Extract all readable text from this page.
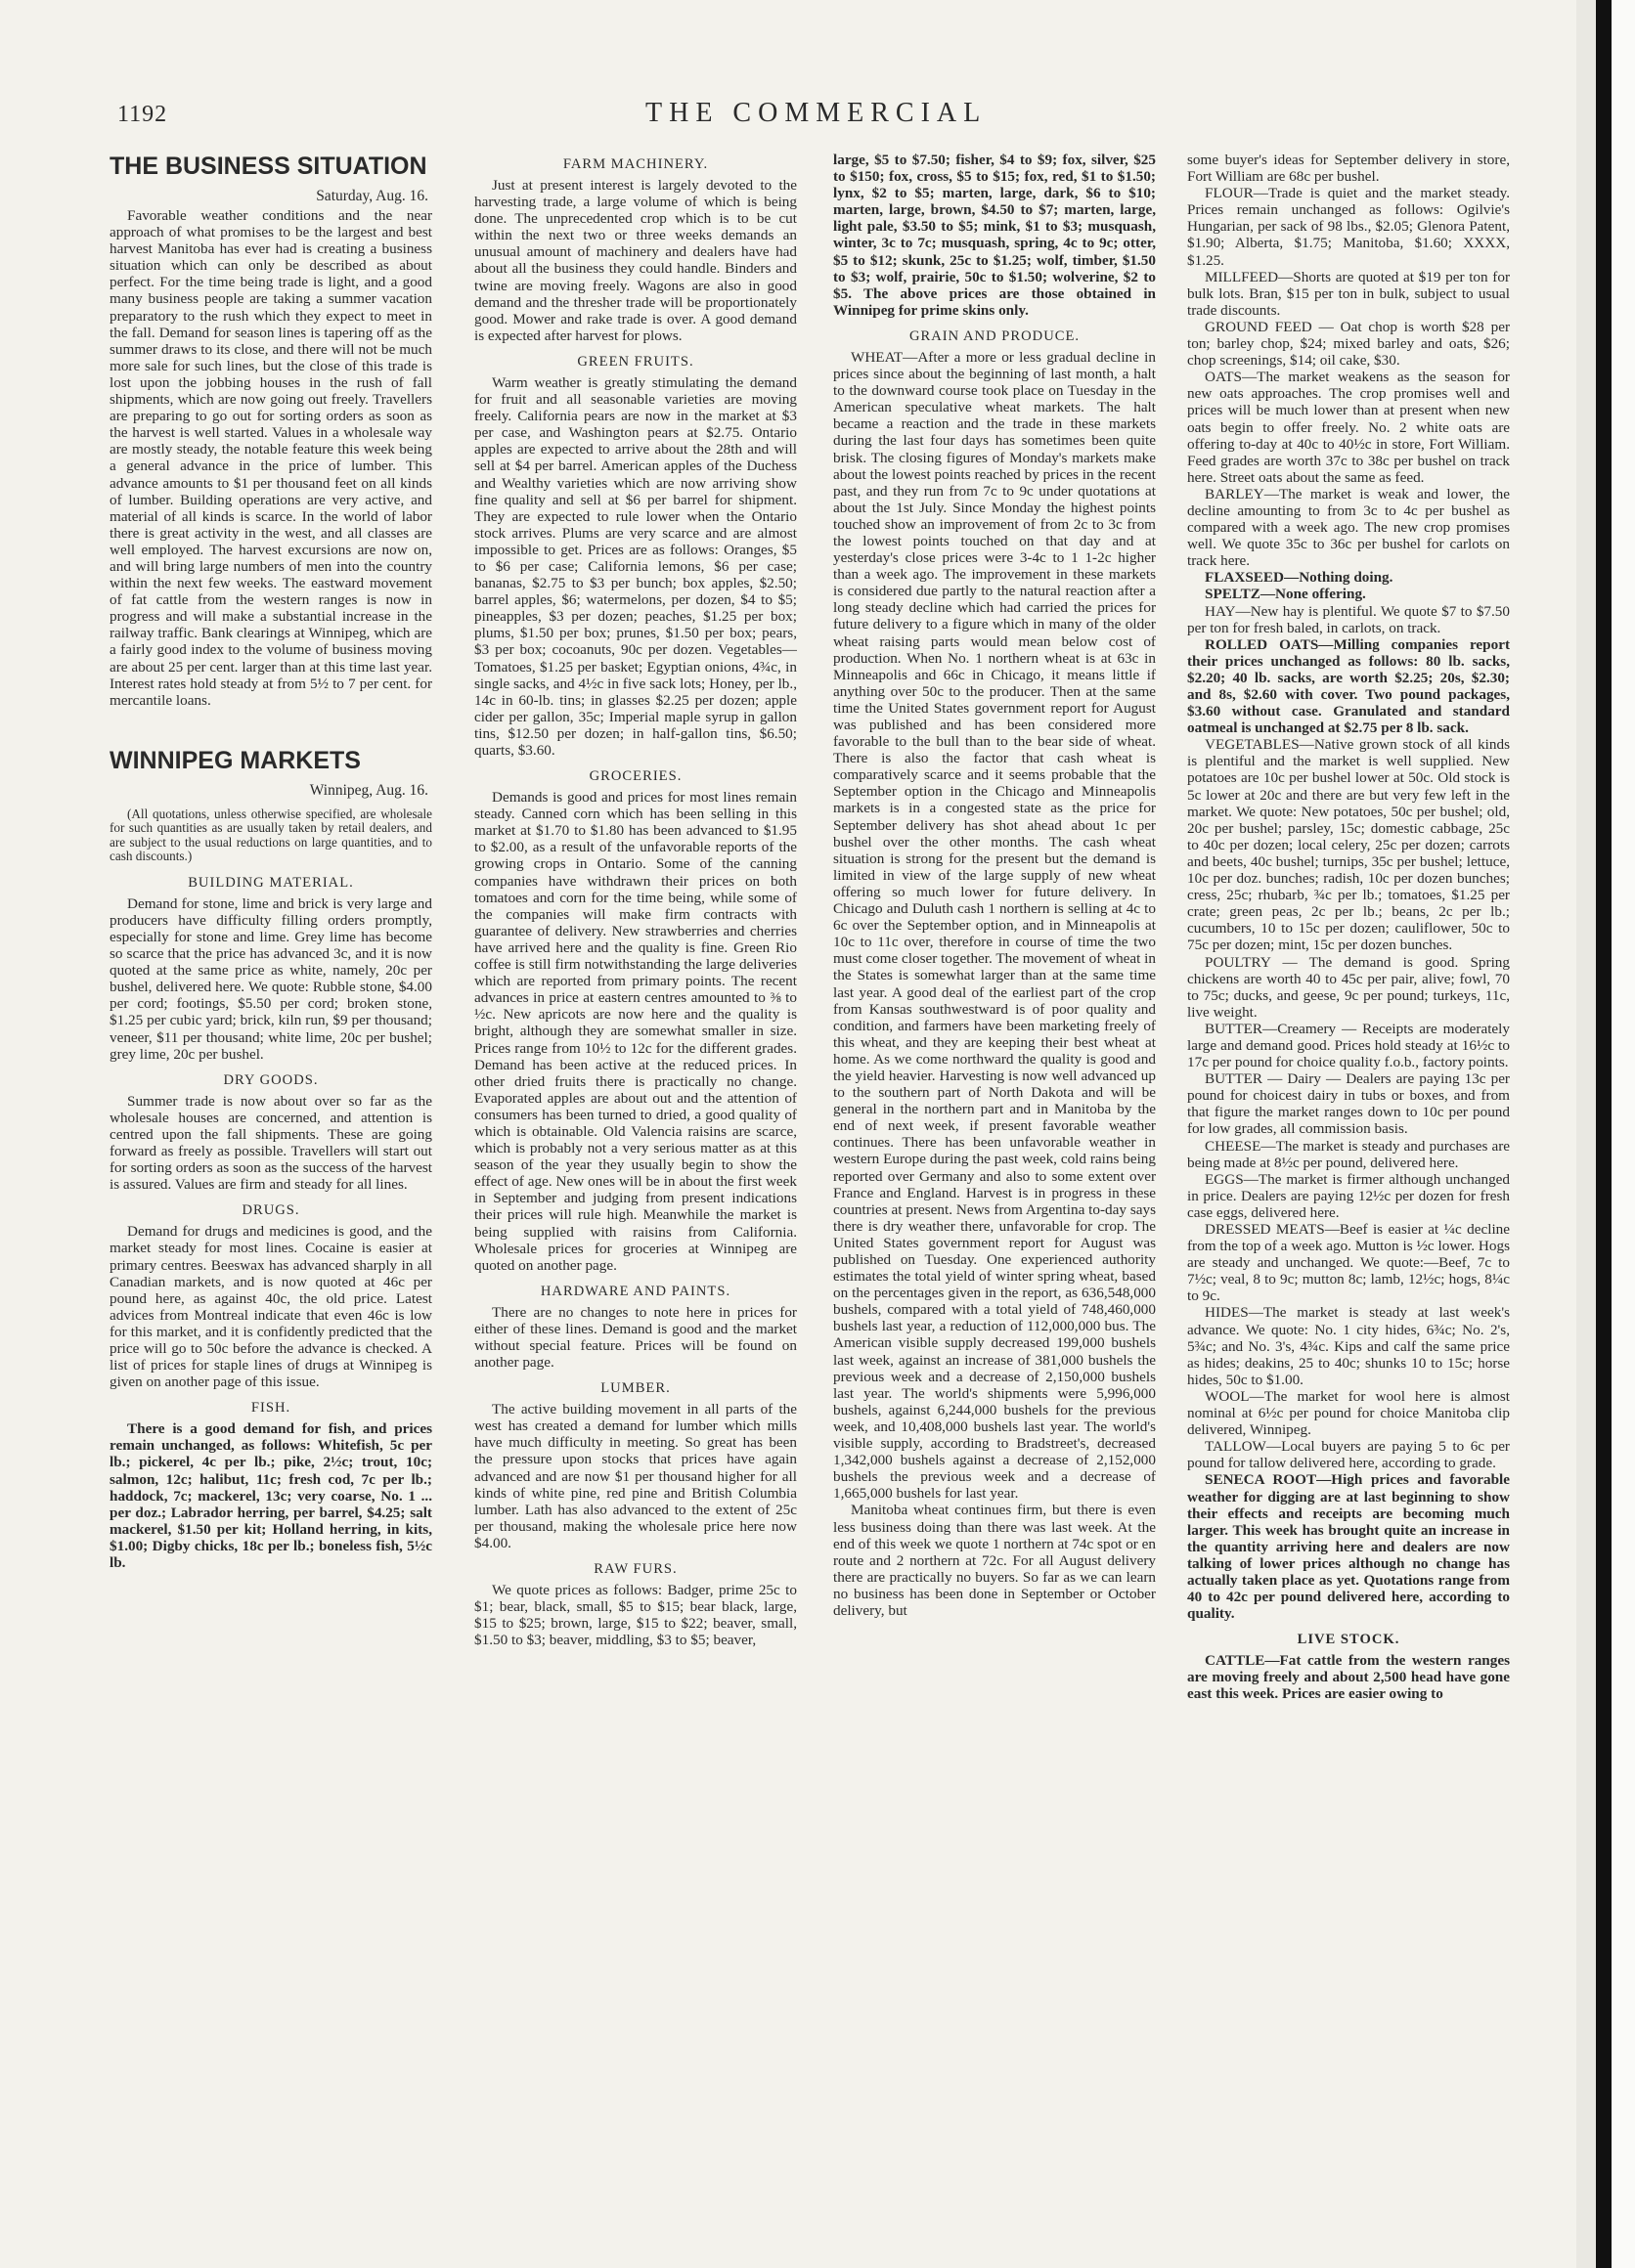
1192	THE COMMERCIAL
THE BUSINESS SITUATION
Saturday, Aug. 16.

Favorable weather conditions and the near approach of what promises to be the largest and best harvest Manitoba has ever had is creating a business situation which can only be described as about perfect. For the time being trade is light, and a good many business people are taking a summer vacation preparatory to the rush which they expect to meet in the fall. Demand for season lines is tapering off as the summer draws to its close, and there will not be much more sale for such lines, but the close of this trade is lost upon the jobbing houses in the rush of fall shipments, which are now going out freely. Travellers are preparing to go out for sorting orders as soon as the harvest is well started. Values in a wholesale way are mostly steady, the notable feature this week being a general advance in the price of lumber. This advance amounts to $1 per thousand feet on all kinds of lumber. Building operations are very active, and material of all kinds is scarce. In the world of labor there is great activity in the west, and all classes are well employed. The harvest excursions are now on, and will bring large numbers of men into the country within the next few weeks. The eastward movement of fat cattle from the western ranges is now in progress and will make a substantial increase in the railway traffic. Bank clearings at Winnipeg, which are a fairly good index to the volume of business moving are about 25 per cent. larger than at this time last year. Interest rates hold steady at from 5½ to 7 per cent. for mercantile loans.

WINNIPEG MARKETS
Winnipeg, Aug. 16.

(All quotations, unless otherwise specified, are wholesale for such quantities as are usually taken by retail dealers, and are subject to the usual reductions on large quantities, and to cash discounts.)

BUILDING MATERIAL.

Demand for stone, lime and brick is very large and producers have difficulty filling orders promptly, especially for stone and lime. Grey lime has become so scarce that the price has advanced 3c, and it is now quoted at the same price as white, namely, 20c per bushel, delivered here. We quote: Rubble stone, $4.00 per cord; footings, $5.50 per cord; broken stone, $1.25 per cubic yard; brick, kiln run, $9 per thousand; veneer, $11 per thousand; white lime, 20c per bushel; grey lime, 20c per bushel.

DRY GOODS.

Summer trade is now about over so far as the wholesale houses are concerned, and attention is centred upon the fall shipments. These are going forward as freely as possible. Travellers will start out for sorting orders as soon as the success of the harvest is assured. Values are firm and steady for all lines.

DRUGS.

Demand for drugs and medicines is good, and the market steady for most lines. Cocaine is easier at primary centres. Beeswax has advanced sharply in all Canadian markets, and is now quoted at 46c per pound here, as against 40c, the old price. Latest advices from Montreal indicate that even 46c is low for this market, and it is confidently predicted that the price will go to 50c before the advance is checked. A list of prices for staple lines of drugs at Winnipeg is given on another page of this issue.

FISH.

There is a good demand for fish, and prices remain unchanged, as follows: Whitefish, 5c per lb.; pickerel, 4c per lb.; pike, 2½c; trout, 10c; salmon, 12c; halibut, 11c; fresh cod, 7c per lb.; haddock, 7c; mackerel, 13c; very coarse, No. 1 ... per doz.; Labrador herring, per barrel, $4.25; salt mackerel, $1.50 per kit; Holland herring, in kits, $1.00; Digby chicks, 18c per lb.; boneless fish, 5½c lb.

FARM MACHINERY.

Just at present interest is largely devoted to the harvesting trade, a large volume of which is being done. The unprecedented crop which is to be cut within the next two or three weeks demands an unusual amount of machinery and dealers have had about all the business they could handle. Binders and twine are moving freely. Wagons are also in good demand and the thresher trade will be proportionately good. Mower and rake trade is over. A good demand is expected after harvest for plows.

GREEN FRUITS.

Warm weather is greatly stimulating the demand for fruit and all seasonable varieties are moving freely. California pears are now in the market at $3 per case, and Washington pears at $2.75. Ontario apples are expected to arrive about the 28th and will sell at $4 per barrel. American apples of the Duchess and Wealthy varieties which are now arriving show fine quality and sell at $6 per barrel for shipment. They are expected to rule lower when the Ontario stock arrives. Plums are very scarce and are almost impossible to get. Prices are as follows: Oranges, $5 to $6 per case; California lemons, $6 per case; bananas, $2.75 to $3 per bunch; box apples, $2.50; barrel apples, $6; watermelons, per dozen, $4 to $5; pineapples, $3 per dozen; peaches, $1.25 per box; plums, $1.50 per box; prunes, $1.50 per box; pears, $3 per box; cocoanuts, 90c per dozen. Vegetables—Tomatoes, $1.25 per basket; Egyptian onions, 4¾c, in single sacks, and 4½c in five sack lots; Honey, per lb., 14c in 60-lb. tins; in glasses $2.25 per dozen; apple cider per gallon, 35c; Imperial maple syrup in gallon tins, $12.50 per dozen; in half-gallon tins, $6.50; quarts, $3.60.

GROCERIES.

Demands is good and prices for most lines remain steady. Canned corn which has been selling in this market at $1.70 to $1.80 has been advanced to $1.95 to $2.00, as a result of the unfavorable reports of the growing crops in Ontario. Some of the canning companies have withdrawn their prices on both tomatoes and corn for the time being, while some of the companies will make firm contracts with guarantee of delivery. New strawberries and cherries have arrived here and the quality is fine. Green Rio coffee is still firm notwithstanding the large deliveries which are reported from primary points. The recent advances in price at eastern centres amounted to ⅜ to ½c. New apricots are now here and the quality is bright, although they are somewhat smaller in size. Prices range from 10½ to 12c for the different grades. Demand has been active at the reduced prices. In other dried fruits there is practically no change. Evaporated apples are about out and the attention of consumers has been turned to dried, a good quality of which is obtainable. Old Valencia raisins are scarce, which is probably not a very serious matter as at this season of the year they usually begin to show the effect of age. New ones will be in about the first week in September and judging from present indications their prices will rule high. Meanwhile the market is being supplied with raisins from California. Wholesale prices for groceries at Winnipeg are quoted on another page.

HARDWARE AND PAINTS.

There are no changes to note here in prices for either of these lines. Demand is good and the market without special feature. Prices will be found on another page.

LUMBER.

The active building movement in all parts of the west has created a demand for lumber which mills have much difficulty in meeting. So great has been the pressure upon stocks that prices have again advanced and are now $1 per thousand higher for all kinds of white pine, red pine and British Columbia lumber. Lath has also advanced to the extent of 25c per thousand, making the wholesale price here now $4.00.

RAW FURS.

We quote prices as follows: Badger, prime 25c to $1; bear, black, small, $5 to $15; bear black, large, $15 to $25; brown, large, $15 to $22; beaver, small, $1.50 to $3; beaver, middling, $3 to $5; beaver,

large, $5 to $7.50; fisher, $4 to $9; fox, silver, $25 to $150; fox, cross, $5 to $15; fox, red, $1 to $1.50; lynx, $2 to $5; marten, large, dark, $6 to $10; marten, large, brown, $4.50 to $7; marten, large, light pale, $3.50 to $5; mink, $1 to $3; musquash, winter, 3c to 7c; musquash, spring, 4c to 9c; otter, $5 to $12; skunk, 25c to $1.25; wolf, timber, $1.50 to $3; wolf, prairie, 50c to $1.50; wolverine, $2 to $5. The above prices are those obtained in Winnipeg for prime skins only.

GRAIN AND PRODUCE.

WHEAT—After a more or less gradual decline in prices since about the beginning of last month, a halt to the downward course took place on Tuesday in the American speculative wheat markets. The halt became a reaction and the trade in these markets during the last four days has sometimes been quite brisk. The closing figures of Monday's markets make about the lowest points reached by prices in the recent past, and they run from 7c to 9c under quotations at about the 1st July. Since Monday the highest points touched show an improvement of from 2c to 3c from the lowest points touched on that day and at yesterday's close prices were 3-4c to 1 1-2c higher than a week ago. The improvement in these markets is considered due partly to the natural reaction after a long steady decline which had carried the prices for future delivery to a figure which in many of the older wheat raising parts would mean below cost of production. When No. 1 northern wheat is at 63c in Minneapolis and 66c in Chicago, it means little if anything over 50c to the producer. Then at the same time the United States government report for August was published and has been considered more favorable to the bull than to the bear side of wheat. There is also the factor that cash wheat is comparatively scarce and it seems probable that the September option in the Chicago and Minneapolis markets is in a congested state as the price for September delivery has shot ahead about 1c per bushel over the other months. The cash wheat situation is strong for the present but the demand is limited in view of the large supply of new wheat offering so much lower for future delivery. In Chicago and Duluth cash 1 northern is selling at 4c to 6c over the September option, and in Minneapolis at 10c to 11c over, therefore in course of time the two must come closer together. The movement of wheat in the States is somewhat larger than at the same time last year. A good deal of the earliest part of the crop from Kansas southwestward is of poor quality and condition, and farmers have been marketing freely of this wheat, and they are keeping their best wheat at home. As we come northward the quality is good and the yield heavier. Harvesting is now well advanced up to the southern part of North Dakota and will be general in the northern part and in Manitoba by the end of next week, if present favorable weather continues. There has been unfavorable weather in western Europe during the past week, cold rains being reported over Germany and also to some extent over France and England. Harvest is in progress in these countries at present. News from Argentina to-day says there is dry weather there, unfavorable for crop. The United States government report for August was published on Tuesday. One experienced authority estimates the total yield of winter spring wheat, based on the percentages given in the report, as 636,548,000 bushels, compared with a total yield of 748,460,000 bushels last year, a reduction of 112,000,000 bus. The American visible supply decreased 199,000 bushels last week, against an increase of 381,000 bushels the previous week and a decrease of 2,150,000 bushels last year. The world's shipments were 5,996,000 bushels, against 6,244,000 bushels for the previous week, and 10,408,000 bushels last year. The world's visible supply, according to Bradstreet's, decreased 1,342,000 bushels against a decrease of 2,152,000 bushels the previous week and a decrease of 1,665,000 bushels for last year.

Manitoba wheat continues firm, but there is even less business doing than there was last week. At the end of this week we quote 1 northern at 74c spot or en route and 2 northern at 72c. For all August delivery there are practically no buyers. So far as we can learn no business has been done in September or October delivery, but

some buyer's ideas for September delivery in store, Fort William are 68c per bushel.

FLOUR—Trade is quiet and the market steady. Prices remain unchanged as follows: Ogilvie's Hungarian, per sack of 98 lbs., $2.05; Glenora Patent, $1.90; Alberta, $1.75; Manitoba, $1.60; XXXX, $1.25.

MILLFEED—Shorts are quoted at $19 per ton for bulk lots. Bran, $15 per ton in bulk, subject to usual trade discounts.

GROUND FEED — Oat chop is worth $28 per ton; barley chop, $24; mixed barley and oats, $26; chop screenings, $14; oil cake, $30.

OATS—The market weakens as the season for new oats approaches. The crop promises well and prices will be much lower than at present when new oats begin to offer freely. No. 2 white oats are offering to-day at 40c to 40½c in store, Fort William. Feed grades are worth 37c to 38c per bushel on track here. Street oats about the same as feed.

BARLEY—The market is weak and lower, the decline amounting to from 3c to 4c per bushel as compared with a week ago. The new crop promises well. We quote 35c to 36c per bushel for carlots on track here.

FLAXSEED—Nothing doing.

SPELTZ—None offering.

HAY—New hay is plentiful. We quote $7 to $7.50 per ton for fresh baled, in carlots, on track.

ROLLED OATS—Milling companies report their prices unchanged as follows: 80 lb. sacks, $2.20; 40 lb. sacks, are worth $2.25; 20s, $2.30; and 8s, $2.60 with cover. Two pound packages, $3.60 without case. Granulated and standard oatmeal is unchanged at $2.75 per 8 lb. sack.

VEGETABLES—Native grown stock of all kinds is plentiful and the market is well supplied. New potatoes are 10c per bushel lower at 50c. Old stock is 5c lower at 20c and there are but very few left in the market. We quote: New potatoes, 50c per bushel; old, 20c per bushel; parsley, 15c; domestic cabbage, 25c to 40c per dozen; local celery, 25c per dozen; carrots and beets, 40c bushel; turnips, 35c per bushel; lettuce, 10c per doz. bunches; radish, 10c per dozen bunches; cress, 25c; rhubarb, ¾c per lb.; tomatoes, $1.25 per crate; green peas, 2c per lb.; beans, 2c per lb.; cucumbers, 10 to 15c per dozen; cauliflower, 50c to 75c per dozen; mint, 15c per dozen bunches.

POULTRY — The demand is good. Spring chickens are worth 40 to 45c per pair, alive; fowl, 70 to 75c; ducks, and geese, 9c per pound; turkeys, 11c, live weight.

BUTTER—Creamery — Receipts are moderately large and demand good. Prices hold steady at 16½c to 17c per pound for choice quality f.o.b., factory points.

BUTTER — Dairy — Dealers are paying 13c per pound for choicest dairy in tubs or boxes, and from that figure the market ranges down to 10c per pound for low grades, all commission basis.

CHEESE—The market is steady and purchases are being made at 8½c per pound, delivered here.

EGGS—The market is firmer although unchanged in price. Dealers are paying 12½c per dozen for fresh case eggs, delivered here.

DRESSED MEATS—Beef is easier at ¼c decline from the top of a week ago. Mutton is ½c lower. Hogs are steady and unchanged. We quote:—Beef, 7c to 7½c; veal, 8 to 9c; mutton 8c; lamb, 12½c; hogs, 8¼c to 9c.

HIDES—The market is steady at last week's advance. We quote: No. 1 city hides, 6¾c; No. 2's, 5¾c; and No. 3's, 4¾c. Kips and calf the same price as hides; deakins, 25 to 40c; shunks 10 to 15c; horse hides, 50c to $1.00.

WOOL—The market for wool here is almost nominal at 6½c per pound for choice Manitoba clip delivered, Winnipeg.

TALLOW—Local buyers are paying 5 to 6c per pound for tallow delivered here, according to grade.

SENECA ROOT—High prices and favorable weather for digging are at last beginning to show their effects and receipts are becoming much larger. This week has brought quite an increase in the quantity arriving here and dealers are now talking of lower prices although no change has actually taken place as yet. Quotations range from 40 to 42c per pound delivered here, according to quality.

LIVE STOCK.

CATTLE—Fat cattle from the western ranges are moving freely and about 2,500 head have gone east this week. Prices are easier owing to
